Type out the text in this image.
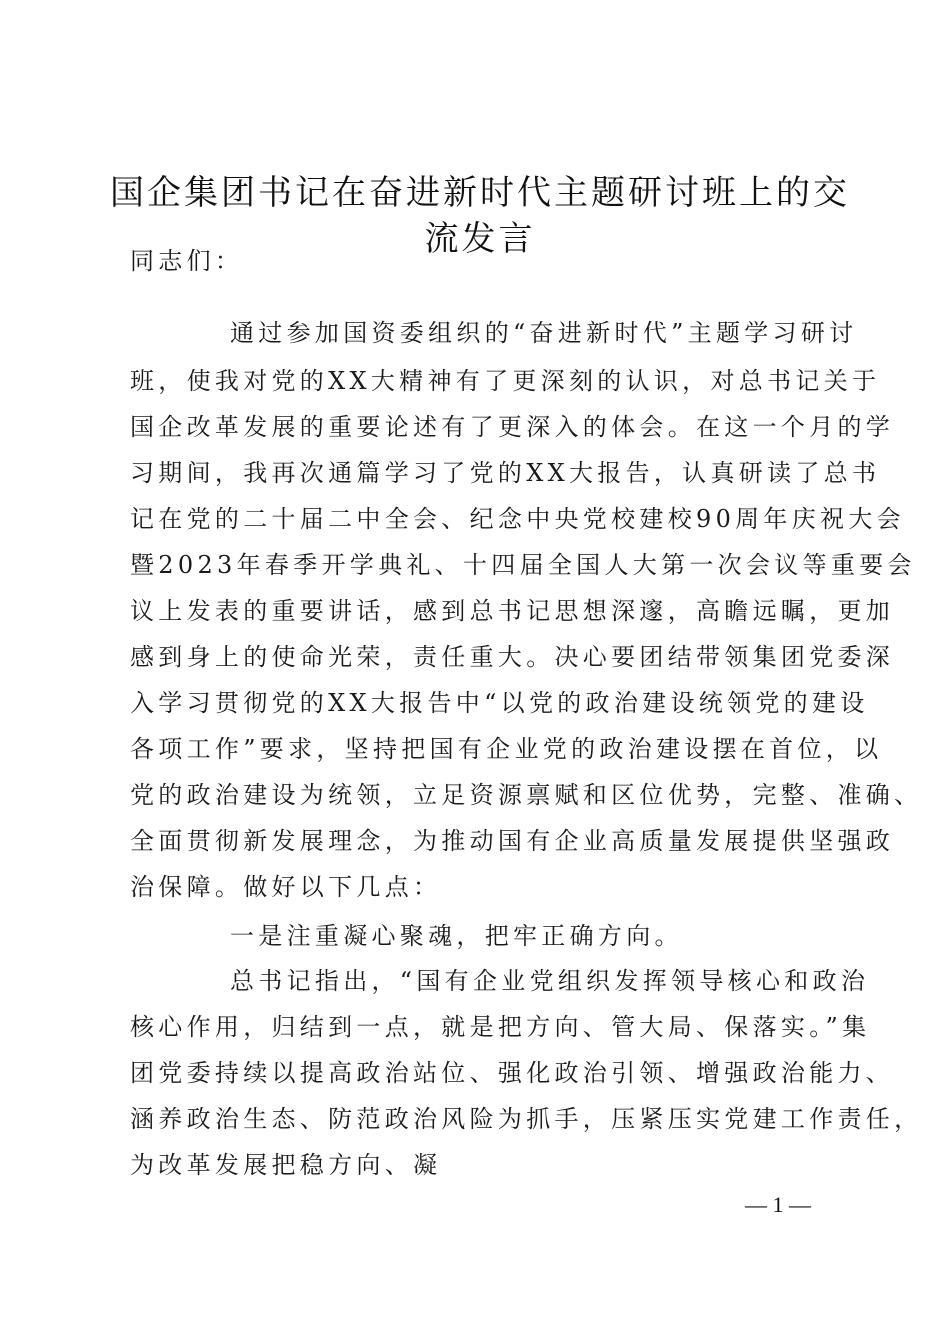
国企集团书记在奋进新时代主题研讨班上的交
流发言
同志们：
通过参加国资委组织的“奋进新时代”主题学习研讨
班，使我对党的XX大精神有了更深刻的认识，对总书记关于
国企改革发展的重要论述有了更深入的体会。在这一个月的学
习期间，我再次通篇学习了党的XX大报告，认真研读了总书
记在党的二十届二中全会、纪念中央党校建校90周年庆祝大会
暨2023年春季开学典礼、十四届全国人大第一次会议等重要会
议上发表的重要讲话，感到总书记思想深邃，高瞻远瞩，更加
感到身上的使命光荣，责任重大。决心要团结带领集团党委深
入学习贯彻党的XX大报告中“以党的政治建设统领党的建设
各项工作”要求，坚持把国有企业党的政治建设摆在首位，以
党的政治建设为统领，立足资源禀赋和区位优势，完整、准确、
全面贯彻新发展理念，为推动国有企业高质量发展提供坚强政
治保障。做好以下几点：
一是注重凝心聚魂，把牢正确方向。
总书记指出，“国有企业党组织发挥领导核心和政治
核心作用，归结到一点，就是把方向、管大局、保落实。”集
团党委持续以提高政治站位、强化政治引领、增强政治能力、
涵养政治生态、防范政治风险为抓手，压紧压实党建工作责任，
为改革发展把稳方向、凝
— 1 —
